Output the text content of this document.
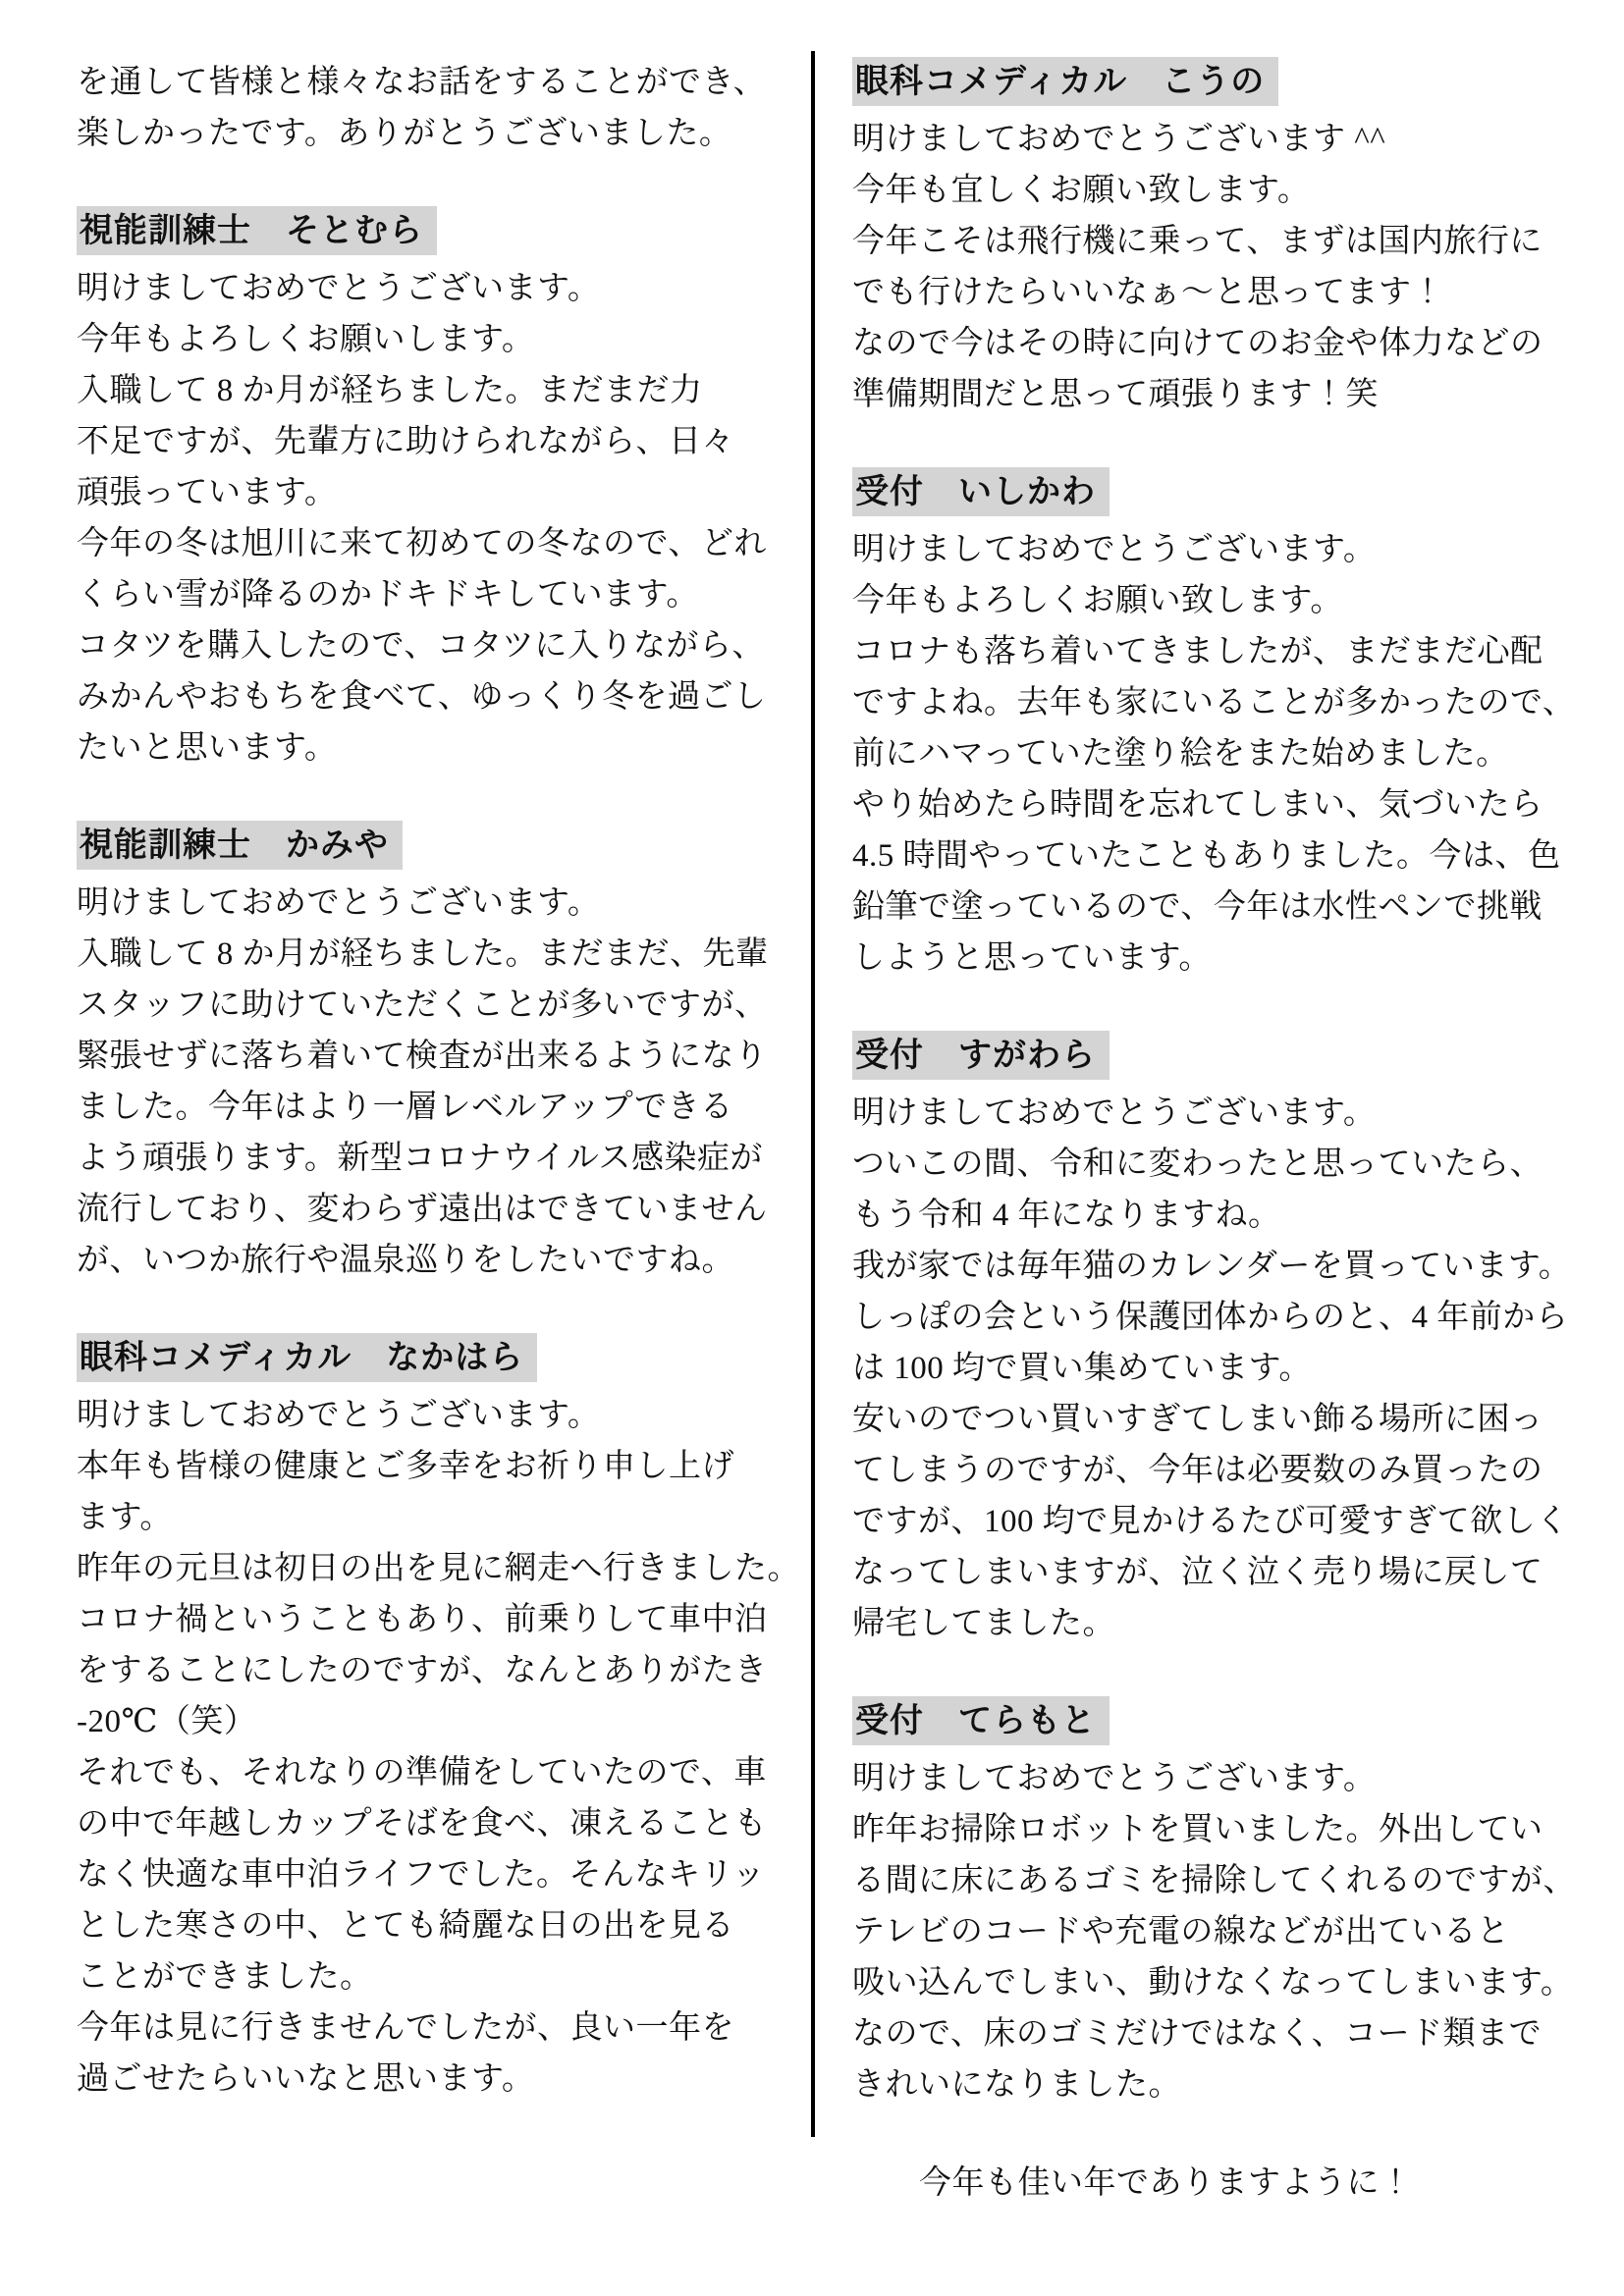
を通して皆様と様々なお話をすることができ、
楽しかったです。ありがとうございました。
視能訓練士　そとむら
明けましておめでとうございます。
今年もよろしくお願いします。
入職して 8 か月が経ちました。まだまだ力
不足ですが、先輩方に助けられながら、日々
頑張っています。
今年の冬は旭川に来て初めての冬なので、どれ
くらい雪が降るのかドキドキしています。
コタツを購入したので、コタツに入りながら、
みかんやおもちを食べて、ゆっくり冬を過ごし
たいと思います。
視能訓練士　かみや
明けましておめでとうございます。
入職して 8 か月が経ちました。まだまだ、先輩
スタッフに助けていただくことが多いですが、
緊張せずに落ち着いて検査が出来るようになり
ました。今年はより一層レベルアップできる
よう頑張ります。新型コロナウイルス感染症が
流行しており、変わらず遠出はできていません
が、いつか旅行や温泉巡りをしたいですね。
眼科コメディカル　なかはら
明けましておめでとうございます。
本年も皆様の健康とご多幸をお祈り申し上げ
ます。
昨年の元旦は初日の出を見に網走へ行きました。
コロナ禍ということもあり、前乗りして車中泊
をすることにしたのですが、なんとありがたき
-20℃（笑）
それでも、それなりの準備をしていたので、車
の中で年越しカップそばを食べ、凍えることも
なく快適な車中泊ライフでした。そんなキリッ
とした寒さの中、とても綺麗な日の出を見る
ことができました。
今年は見に行きませんでしたが、良い一年を
過ごせたらいいなと思います。
眼科コメディカル　こうの
明けましておめでとうございます ^^
今年も宜しくお願い致します。
今年こそは飛行機に乗って、まずは国内旅行に
でも行けたらいいなぁ～と思ってます！
なので今はその時に向けてのお金や体力などの
準備期間だと思って頑張ります！笑
受付　いしかわ
明けましておめでとうございます。
今年もよろしくお願い致します。
コロナも落ち着いてきましたが、まだまだ心配
ですよね。去年も家にいることが多かったので、
前にハマっていた塗り絵をまた始めました。
やり始めたら時間を忘れてしまい、気づいたら
4.5 時間やっていたこともありました。今は、色
鉛筆で塗っているので、今年は水性ペンで挑戦
しようと思っています。
受付　すがわら
明けましておめでとうございます。
ついこの間、令和に変わったと思っていたら、
もう令和 4 年になりますね。
我が家では毎年猫のカレンダーを買っています。
しっぽの会という保護団体からのと、4 年前から
は 100 均で買い集めています。
安いのでつい買いすぎてしまい飾る場所に困っ
てしまうのですが、今年は必要数のみ買ったの
ですが、100 均で見かけるたび可愛すぎて欲しく
なってしまいますが、泣く泣く売り場に戻して
帰宅してました。
受付　てらもと
明けましておめでとうございます。
昨年お掃除ロボットを買いました。外出してい
る間に床にあるゴミを掃除してくれるのですが、
テレビのコードや充電の線などが出ていると
吸い込んでしまい、動けなくなってしまいます。
なので、床のゴミだけではなく、コード類まで
きれいになりました。
今年も佳い年でありますように！
